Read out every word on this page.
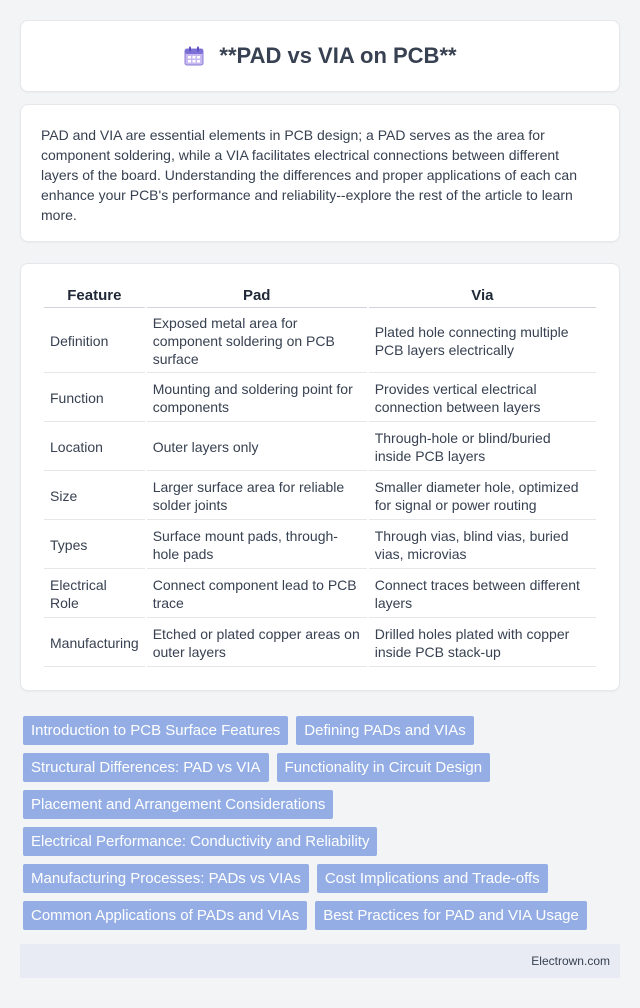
**PAD vs VIA on PCB**

PAD and VIA are essential elements in PCB design; a PAD serves as the area for component soldering, while a VIA facilitates electrical connections between different layers of the board. Understanding the differences and proper applications of each can enhance your PCB's performance and reliability--explore the rest of the article to learn more.

Feature	Pad	Via
Definition	Exposed metal area for component soldering on PCB surface	Plated hole connecting multiple PCB layers electrically
Function	Mounting and soldering point for components	Provides vertical electrical connection between layers
Location	Outer layers only	Through-hole or blind/buried inside PCB layers
Size	Larger surface area for reliable solder joints	Smaller diameter hole, optimized for signal or power routing
Types	Surface mount pads, through-hole pads	Through vias, blind vias, buried vias, microvias
Electrical Role	Connect component lead to PCB trace	Connect traces between different layers
Manufacturing	Etched or plated copper areas on outer layers	Drilled holes plated with copper inside PCB stack-up
Introduction to PCB Surface Features	Defining PADs and VIAs
Structural Differences: PAD vs VIA	Functionality in Circuit Design
Placement and Arrangement Considerations
Electrical Performance: Conductivity and Reliability
Manufacturing Processes: PADs vs VIAs	Cost Implications and Trade-offs
Common Applications of PADs and VIAs	Best Practices for PAD and VIA Usage
Electrown.com
